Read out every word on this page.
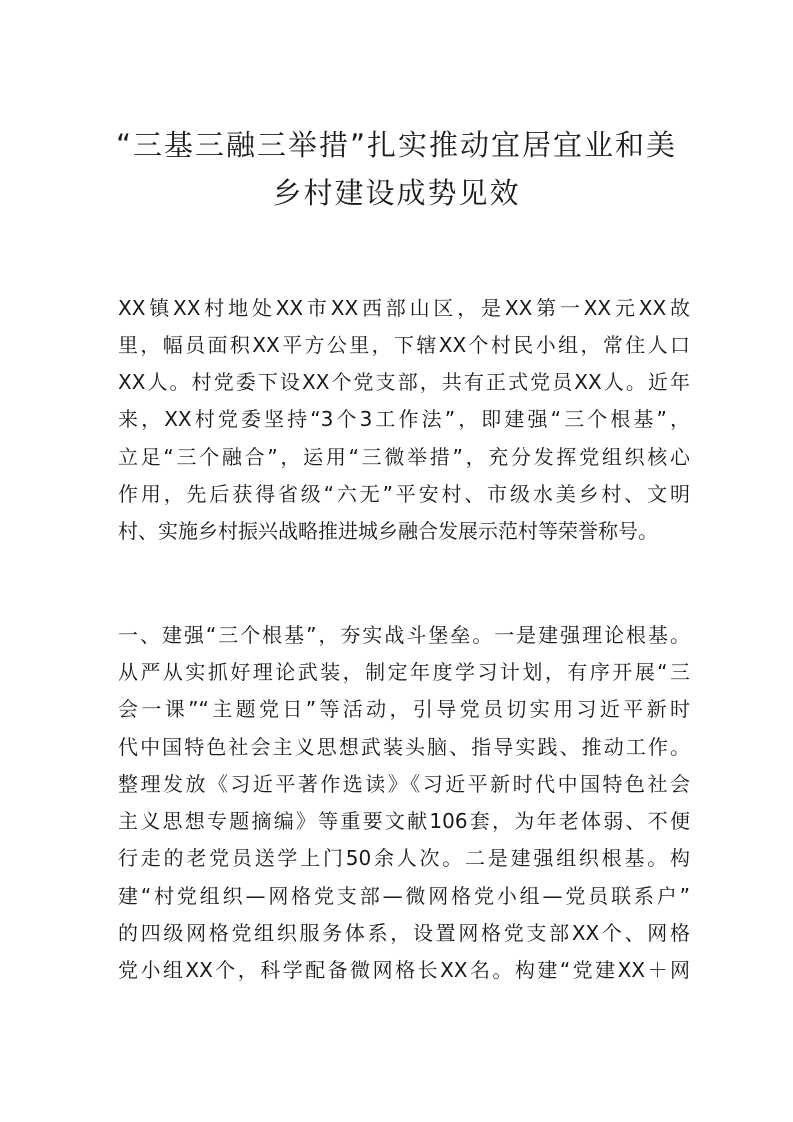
“三基三融三举措”扎实推动宜居宜业和美
乡村建设成势见效
XX镇XX村地处XX市XX西部山区，是XX第一XX元XX故
里，幅员面积XX平方公里，下辖XX个村民小组，常住人口
XX人。村党委下设XX个党支部，共有正式党员XX人。近年
来，XX村党委坚持“3个3工作法”，即建强“三个根基”，
立足“三个融合”，运用“三微举措”，充分发挥党组织核心
作用，先后获得省级“六无”平安村、市级水美乡村、文明
村、实施乡村振兴战略推进城乡融合发展示范村等荣誉称号。
一、建强“三个根基”，夯实战斗堡垒。一是建强理论根基。
从严从实抓好理论武装，制定年度学习计划，有序开展“三
会一课”“主题党日”等活动，引导党员切实用习近平新时
代中国特色社会主义思想武装头脑、指导实践、推动工作。
整理发放《习近平著作选读》《习近平新时代中国特色社会
主义思想专题摘编》等重要文献106套，为年老体弱、不便
行走的老党员送学上门50余人次。二是建强组织根基。构
建“村党组织—网格党支部—微网格党小组—党员联系户”
的四级网格党组织服务体系，设置网格党支部XX个、网格
党小组XX个，科学配备微网格长XX名。构建“党建XX＋网
